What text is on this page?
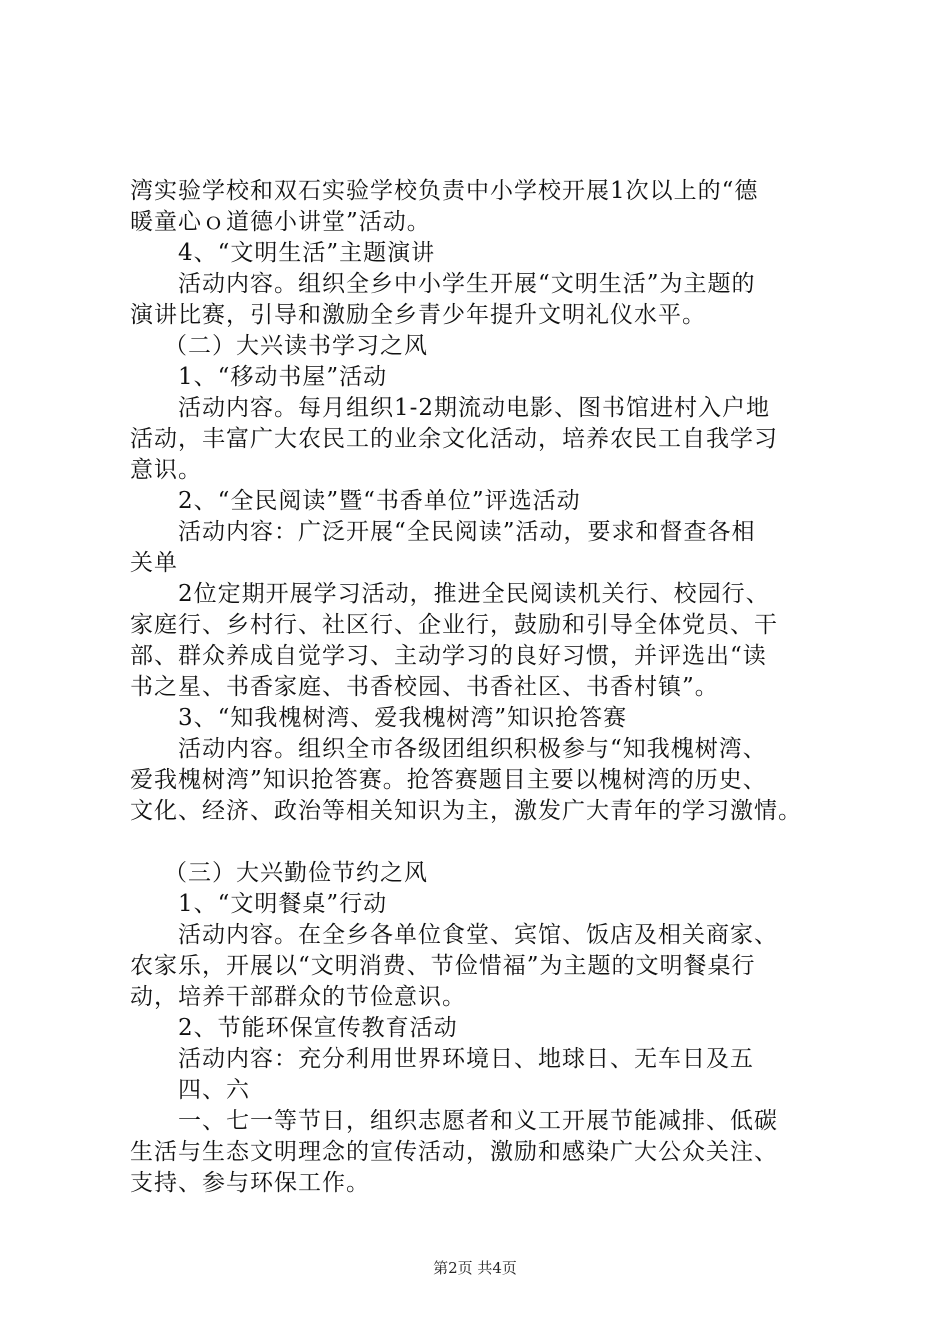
湾实验学校和双石实验学校负责中小学校开展1次以上的“德
暖童心ｏ道德小讲堂”活动。
4、“文明生活”主题演讲
活动内容。组织全乡中小学生开展“文明生活”为主题的
演讲比赛，引导和激励全乡青少年提升文明礼仪水平。
（二）大兴读书学习之风
1、“移动书屋”活动
活动内容。每月组织1-2期流动电影、图书馆进村入户地
活动，丰富广大农民工的业余文化活动，培养农民工自我学习
意识。
2、“全民阅读”暨“书香单位”评选活动
活动内容：广泛开展“全民阅读”活动，要求和督查各相
关单
2位定期开展学习活动，推进全民阅读机关行、校园行、
家庭行、乡村行、社区行、企业行，鼓励和引导全体党员、干
部、群众养成自觉学习、主动学习的良好习惯，并评选出“读
书之星、书香家庭、书香校园、书香社区、书香村镇”。
3、“知我槐树湾、爱我槐树湾”知识抢答赛
活动内容。组织全市各级团组织积极参与“知我槐树湾、
爱我槐树湾”知识抢答赛。抢答赛题目主要以槐树湾的历史、
文化、经济、政治等相关知识为主，激发广大青年的学习激情。
（三）大兴勤俭节约之风
1、“文明餐桌”行动
活动内容。在全乡各单位食堂、宾馆、饭店及相关商家、
农家乐，开展以“文明消费、节俭惜福”为主题的文明餐桌行
动，培养干部群众的节俭意识。
2、节能环保宣传教育活动
活动内容：充分利用世界环境日、地球日、无车日及五
四、六
一、七一等节日，组织志愿者和义工开展节能减排、低碳
生活与生态文明理念的宣传活动，激励和感染广大公众关注、
支持、参与环保工作。
第2页 共4页
